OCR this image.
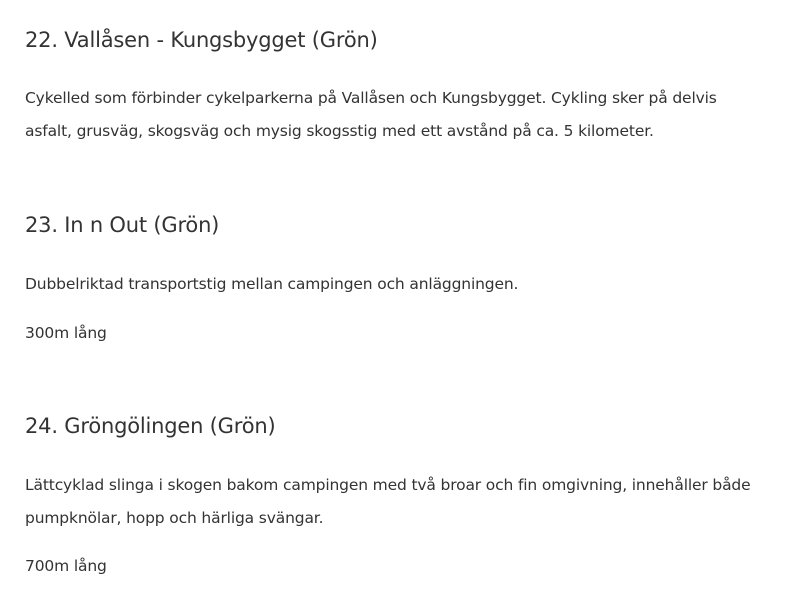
22. Vallåsen - Kungsbygget (Grön)

Cykelled som förbinder cykelparkerna på Vallåsen och Kungsbygget. Cykling sker på delvis asfalt, grusväg, skogsväg och mysig skogsstig med ett avstånd på ca. 5 kilometer.

23. In n Out (Grön)

Dubbelriktad transportstig mellan campingen och anläggningen.

300m lång

24. Gröngölingen (Grön)

Lättcyklad slinga i skogen bakom campingen med två broar och fin omgivning, innehåller både pumpknölar, hopp och härliga svängar.

700m lång
